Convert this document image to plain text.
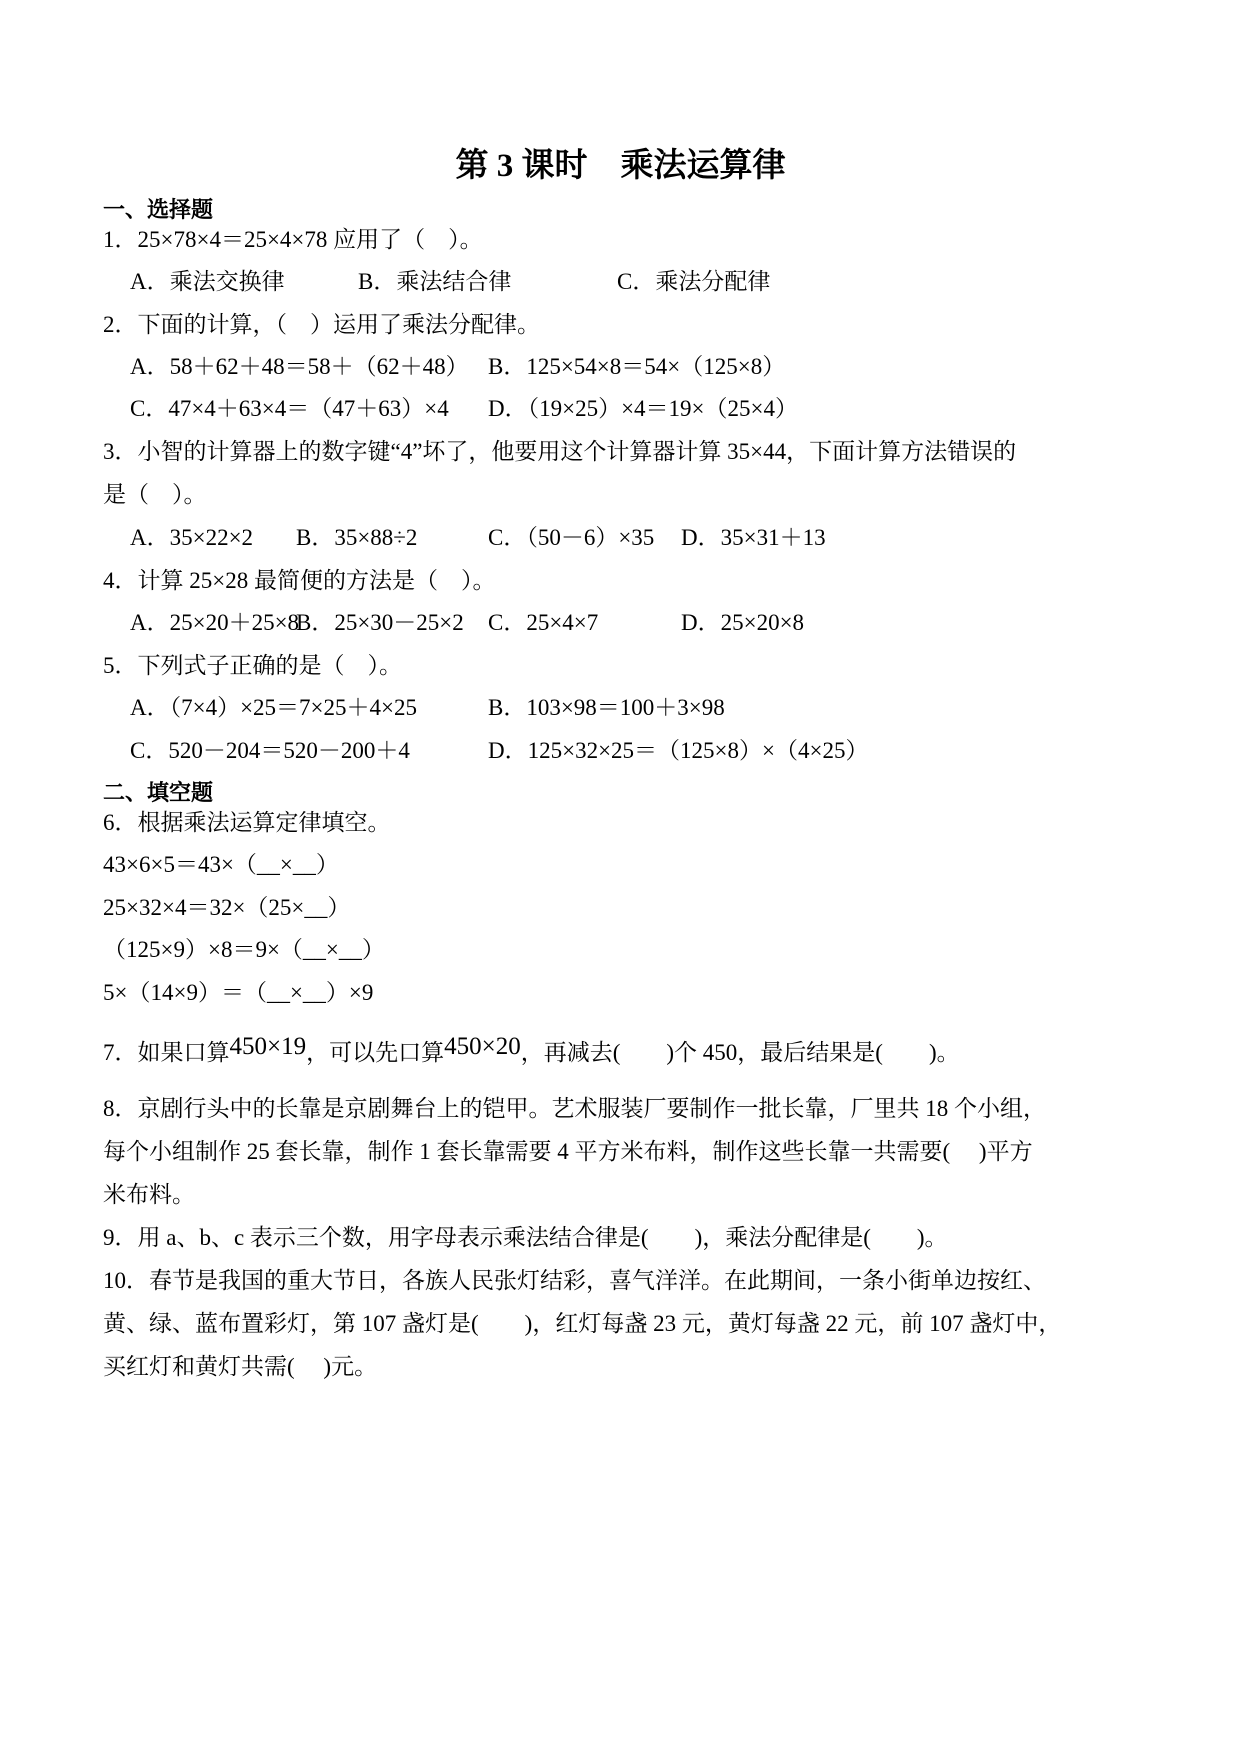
第 3 课时　乘法运算律
一、选择题
1．25×78×4＝25×4×78 应用了（　）。
A．乘法交换律	B．乘法结合律	C．乘法分配律
2．下面的计算，（　）运用了乘法分配律。
A．58＋62＋48＝58＋（62＋48） B．125×54×8＝54×（125×8）
C．47×4＋63×4＝（47＋63）×4 D．（19×25）×4＝19×（25×4）
3．小智的计算器上的数字键“4”坏了，他要用这个计算器计算 35×44，下面计算方法错误的
是（　）。
A．35×22×2 B．35×88÷2	C．（50－6）×35 D．35×31＋13
4．计算 25×28 最简便的方法是（　）。
A．25×20＋25×8
B．25×30－25×2 C．25×4×7	D．25×20×8
5．下列式子正确的是（　）。
A．（7×4）×25＝7×25＋4×25	B．103×98＝100＋3×98
C．520－204＝520－200＋4	D．125×32×25＝（125×8）×（4×25）
二、填空题
6．根据乘法运算定律填空。
43×6×5＝43×（__×__）
25×32×4＝32×（25×__）
（125×9）×8＝9×（__×__）
5×（14×9）＝（__×__）×9
7．如果口算450×19，可以先口算450×20，再减去(　　)个 450，最后结果是(　　)。
8．京剧行头中的长靠是京剧舞台上的铠甲。艺术服装厂要制作一批长靠，厂里共 18 个小组，
每个小组制作 25 套长靠，制作 1 套长靠需要 4 平方米布料，制作这些长靠一共需要(　 )平方
米布料。
9．用 a、b、c 表示三个数，用字母表示乘法结合律是(　　)，乘法分配律是(　　)。
10．春节是我国的重大节日，各族人民张灯结彩，喜气洋洋。在此期间，一条小街单边按红、
黄、绿、蓝布置彩灯，第 107 盏灯是(　　)，红灯每盏 23 元，黄灯每盏 22 元，前 107 盏灯中，
买红灯和黄灯共需(　 )元。
